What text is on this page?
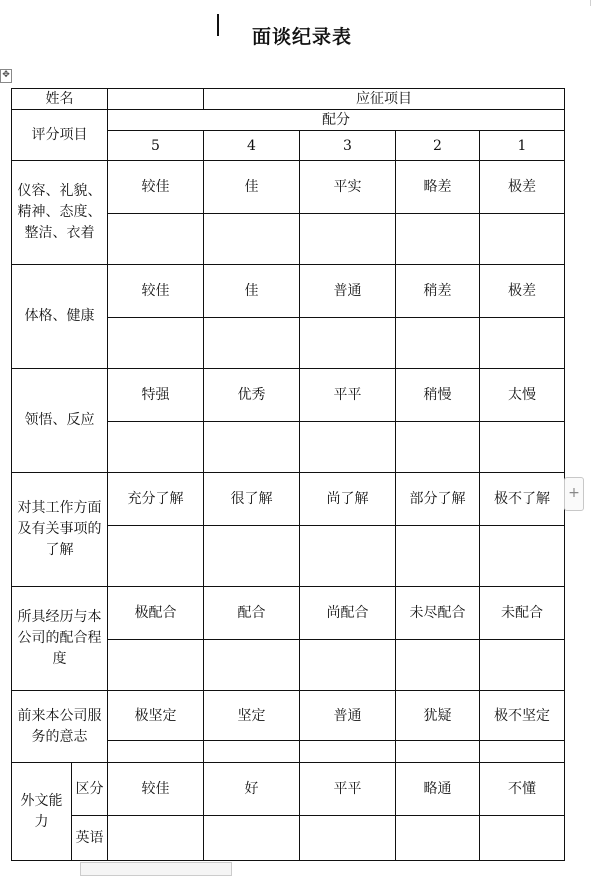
面谈纪录表
✥
姓名			应征项目			
评分项目		配分				
		5	4	3	2	1
仪容、礼貌、精神、态度、整洁、衣着		较佳	佳	平实	略差	极差

体格、健康		较佳	佳	普通	稍差	极差

领悟、反应		特强	优秀	平平	稍慢	太慢

对其工作方面及有关事项的了解		充分了解	很了解	尚了解	部分了解	极不了解

所具经历与本公司的配合程度		极配合	配合	尚配合	未尽配合	未配合

前来本公司服务的意志		极坚定	坚定	普通	犹疑	极不坚定

外文能力	区分	较佳	好	平平	略通	不懂
	英语					
+
